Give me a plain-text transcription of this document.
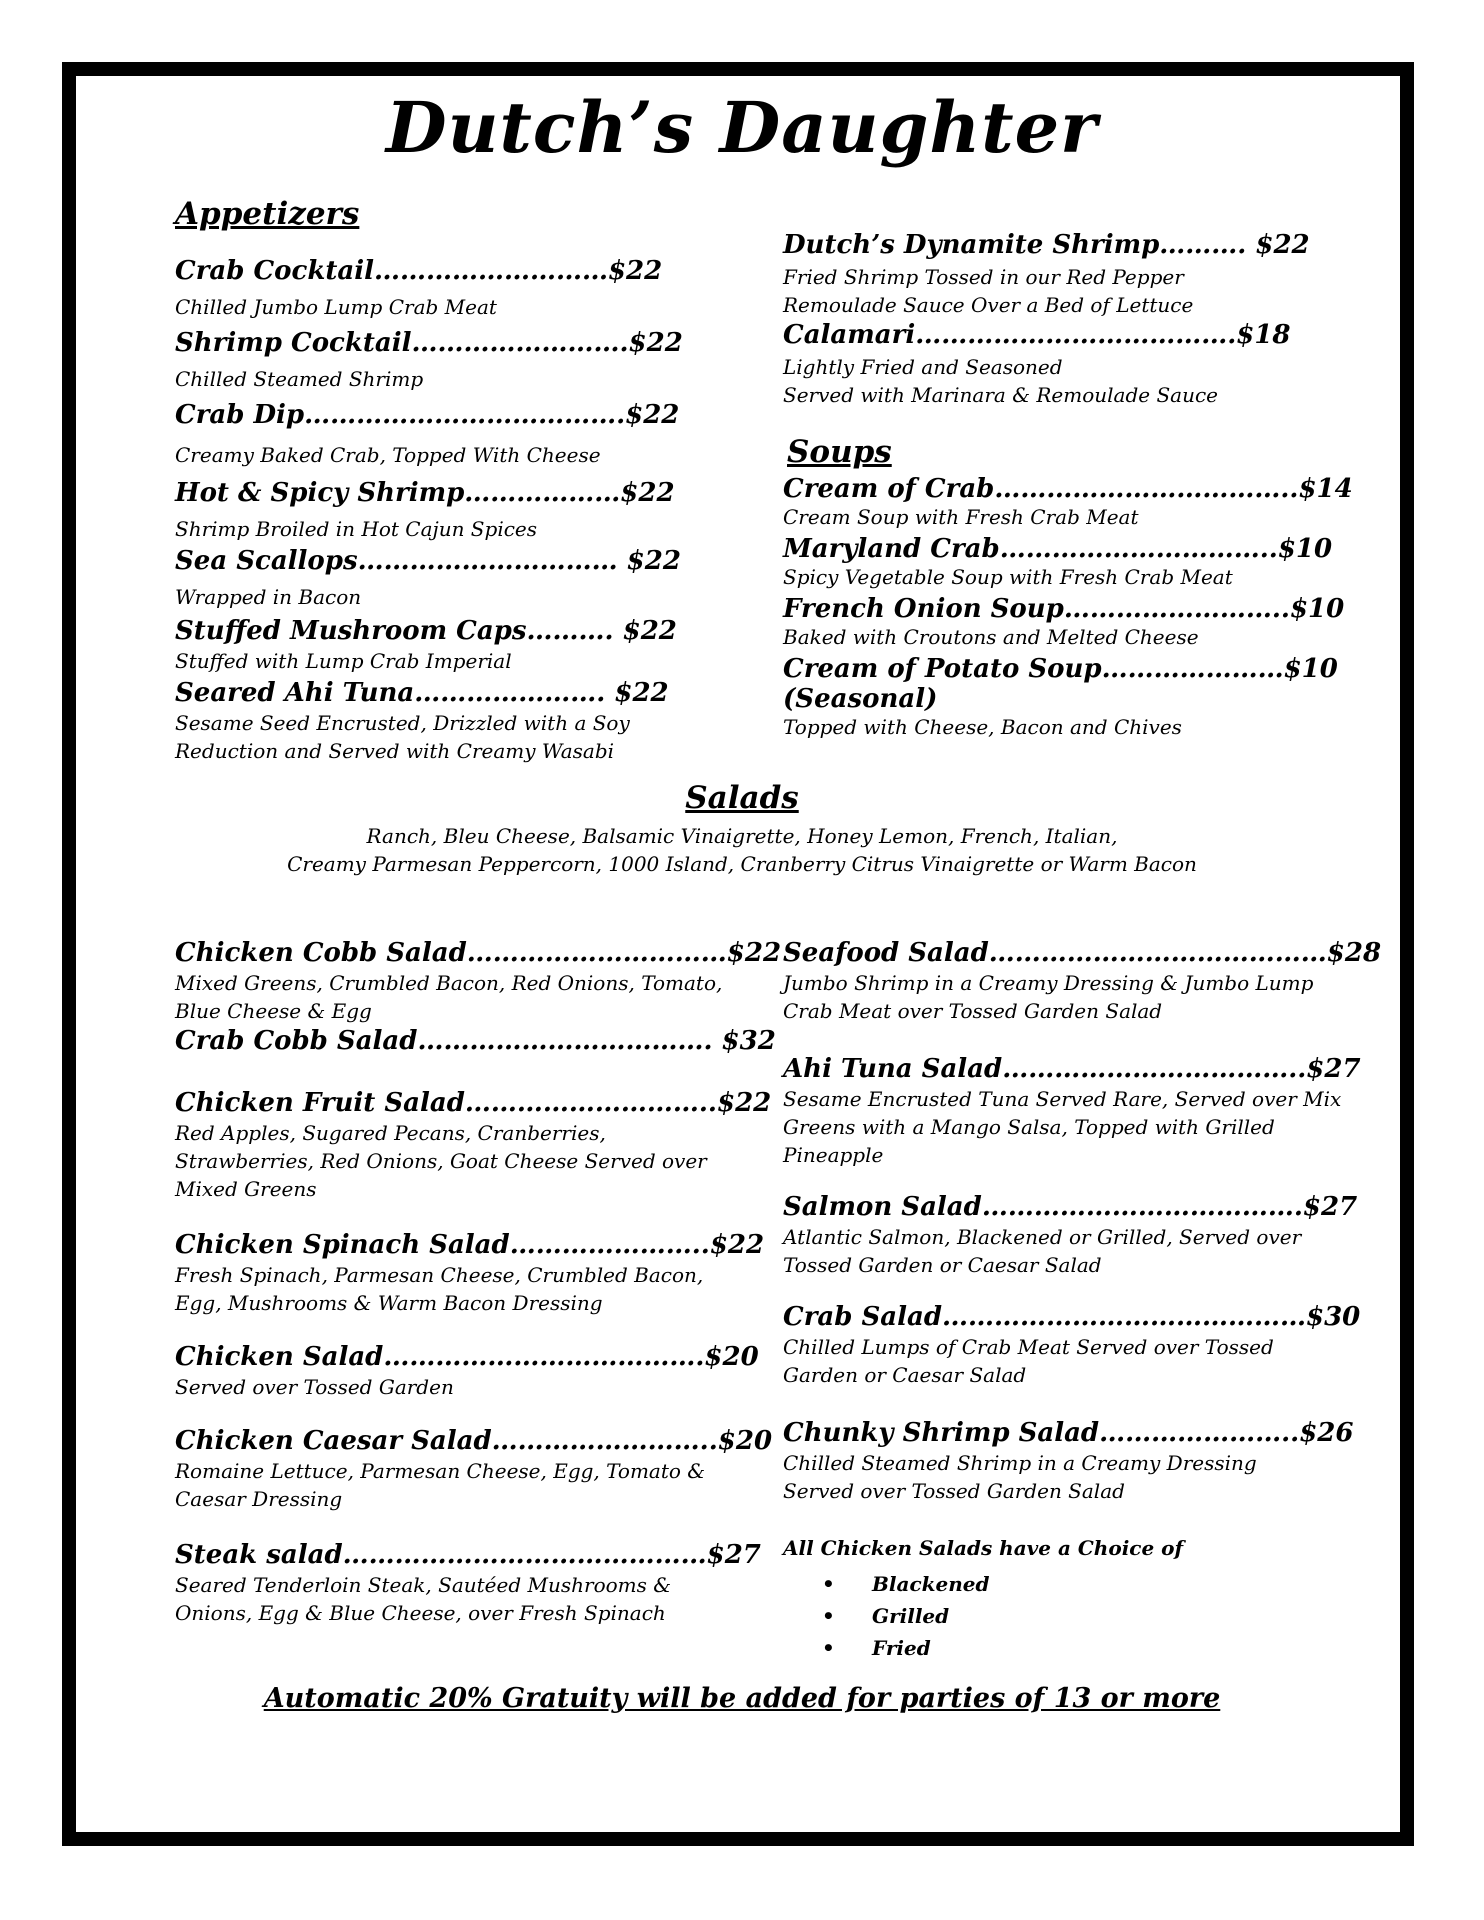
Dutch’s Daughter
Appetizers
Crab Cocktail………………………$22
Chilled Jumbo Lump Crab Meat
Shrimp Cocktail…………………….$22
Chilled Steamed Shrimp
Crab Dip……………………………….$22
Creamy Baked Crab, Topped With Cheese
Hot & Spicy Shrimp………………$22
Shrimp Broiled in Hot Cajun Spices
Sea Scallops………………………… $22
Wrapped in Bacon
Stuffed Mushroom Caps………. $22
Stuffed with Lump Crab Imperial
Seared Ahi Tuna…………………. $22
Sesame Seed Encrusted, Drizzled with a Soy
Reduction and Served with Creamy Wasabi
Dutch’s Dynamite Shrimp………. $22
Fried Shrimp Tossed in our Red Pepper
Remoulade Sauce Over a Bed of Lettuce
Calamari……………………………….$18
Lightly Fried and Seasoned
Served with Marinara & Remoulade Sauce
Soups
Cream of Crab……………………………..$14
Cream Soup with Fresh Crab Meat
Maryland Crab…………………………..$10
Spicy Vegetable Soup with Fresh Crab Meat
French Onion Soup……………………..$10
Baked with Croutons and Melted Cheese
Cream of Potato Soup…………………$10
(Seasonal)
Topped with Cheese, Bacon and Chives
Salads
Ranch, Bleu Cheese, Balsamic Vinaigrette, Honey Lemon, French, Italian,
Creamy Parmesan Peppercorn, 1000 Island, Cranberry Citrus Vinaigrette or Warm Bacon
Chicken Cobb Salad…………………………$22
Mixed Greens, Crumbled Bacon, Red Onions, Tomato,
Blue Cheese & Egg
Crab Cobb Salad……………………………. $32
Chicken Fruit Salad………………………..$22
Red Apples, Sugared Pecans, Cranberries,
Strawberries, Red Onions, Goat Cheese Served over
Mixed Greens
Chicken Spinach Salad…………………..$22
Fresh Spinach, Parmesan Cheese, Crumbled Bacon,
Egg, Mushrooms & Warm Bacon Dressing
Chicken Salad……………………………….$20
Served over Tossed Garden
Chicken Caesar Salad……………………..$20
Romaine Lettuce, Parmesan Cheese, Egg, Tomato &
Caesar Dressing
Steak salad……………………………………$27
Seared Tenderloin Steak, Sautéed Mushrooms &
Onions, Egg & Blue Cheese, over Fresh Spinach
Seafood Salad…………………………………$28
Jumbo Shrimp in a Creamy Dressing & Jumbo Lump
Crab Meat over Tossed Garden Salad
Ahi Tuna Salad……………………………..$27
Sesame Encrusted Tuna Served Rare, Served over Mix
Greens with a Mango Salsa, Topped with Grilled
Pineapple
Salmon Salad……………………………….$27
Atlantic Salmon, Blackened or Grilled, Served over
Tossed Garden or Caesar Salad
Crab Salad……………………………………$30
Chilled Lumps of Crab Meat Served over Tossed
Garden or Caesar Salad
Chunky Shrimp Salad…………………..$26
Chilled Steamed Shrimp in a Creamy Dressing
Served over Tossed Garden Salad
All Chicken Salads have a Choice of
• Blackened
• Grilled
• Fried
Automatic 20% Gratuity will be added for parties of 13 or more
